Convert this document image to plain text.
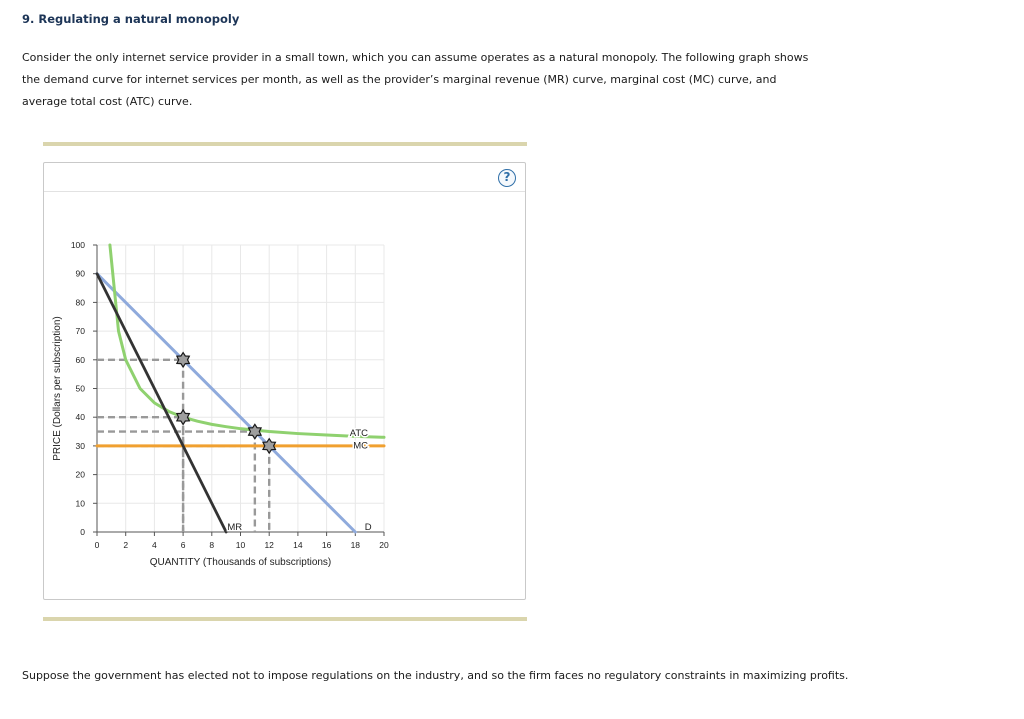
9. Regulating a natural monopoly

Consider the only internet service provider in a small town, which you can assume operates as a natural monopoly. The following graph shows the demand curve for internet services per month, as well as the provider’s marginal revenue (MR) curve, marginal cost (MC) curve, and average total cost (ATC) curve.

?
0
10
20
30
40
50
60
70
80
90
100
0	2	4	6	8	10 12 14 16 18 20
QUANTITY (Thousands of subscriptions)
PRICE (Dollars per subscription)	ATC
MC
MR	D

Suppose the government has elected not to impose regulations on the industry, and so the firm faces no regulatory constraints in maximizing profits.
